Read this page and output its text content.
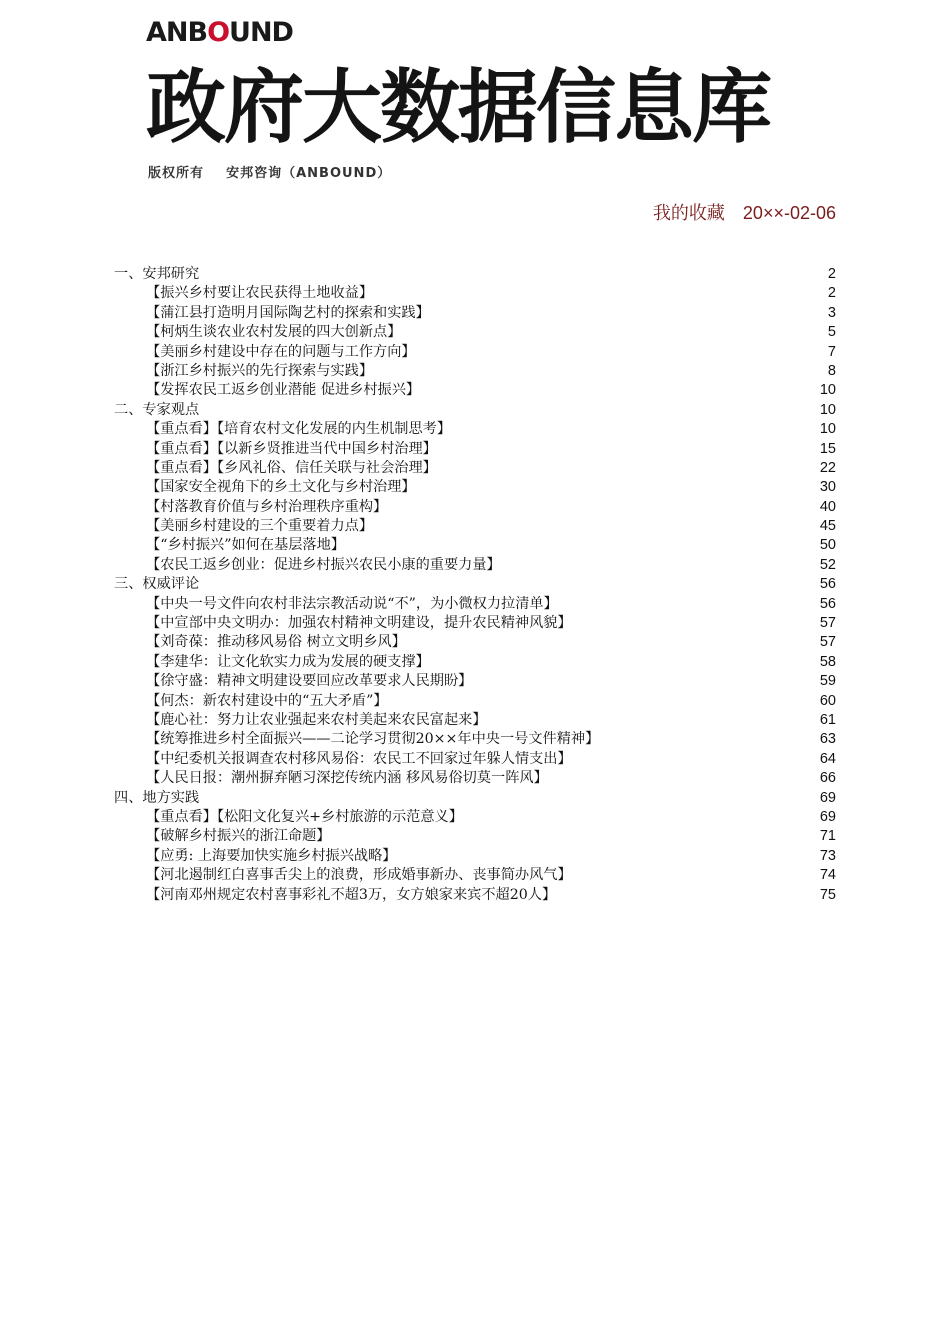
ANBOUND
政府大数据信息库
版权所有    安邦咨询（ANBOUND）
我的收藏 20××-02-06
一、安邦研究	2
【振兴乡村要让农民获得土地收益】	2
【蒲江县打造明月国际陶艺村的探索和实践】	3
【柯炳生谈农业农村发展的四大创新点】	5
【美丽乡村建设中存在的问题与工作方向】	7
【浙江乡村振兴的先行探索与实践】	8
【发挥农民工返乡创业潜能 促进乡村振兴】	10
二、专家观点	10
【重点看】【培育农村文化发展的内生机制思考】	10
【重点看】【以新乡贤推进当代中国乡村治理】	15
【重点看】【乡风礼俗、信任关联与社会治理】	22
【国家安全视角下的乡土文化与乡村治理】	30
【村落教育价值与乡村治理秩序重构】	40
【美丽乡村建设的三个重要着力点】	45
【“乡村振兴”如何在基层落地】	50
【农民工返乡创业：促进乡村振兴农民小康的重要力量】	52
三、权威评论	56
【中央一号文件向农村非法宗教活动说“不”，为小微权力拉清单】	56
【中宣部中央文明办：加强农村精神文明建设，提升农民精神风貌】	57
【刘奇葆：推动移风易俗 树立文明乡风】	57
【李建华：让文化软实力成为发展的硬支撑】	58
【徐守盛：精神文明建设要回应改革要求人民期盼】	59
【何杰：新农村建设中的“五大矛盾”】	60
【鹿心社：努力让农业强起来农村美起来农民富起来】	61
【统筹推进乡村全面振兴——二论学习贯彻20××年中央一号文件精神】	63
【中纪委机关报调查农村移风易俗：农民工不回家过年躲人情支出】	64
【人民日报：潮州摒弃陋习深挖传统内涵 移风易俗切莫一阵风】	66
四、地方实践	69
【重点看】【松阳文化复兴+乡村旅游的示范意义】	69
【破解乡村振兴的浙江命题】	71
【应勇: 上海要加快实施乡村振兴战略】	73
【河北遏制红白喜事舌尖上的浪费，形成婚事新办、丧事简办风气】	74
【河南邓州规定农村喜事彩礼不超3万，女方娘家来宾不超20人】	75
